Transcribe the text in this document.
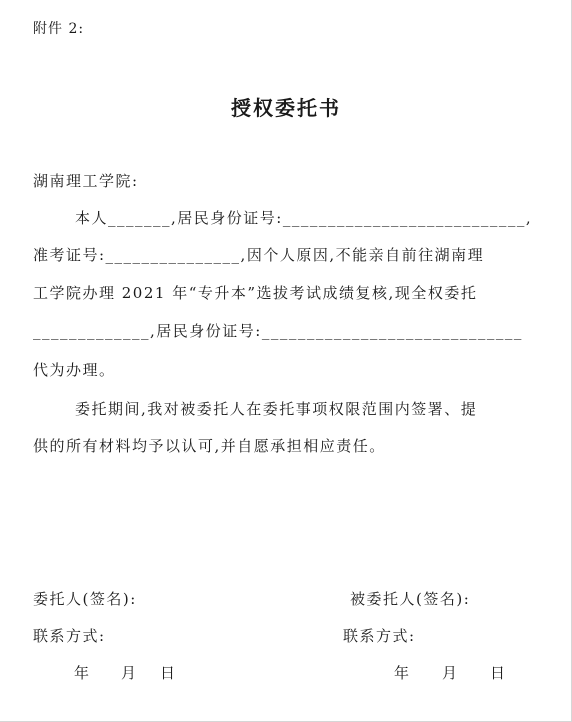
附件 2:
授权委托书
湖南理工学院:
本人_______,居民身份证号:___________________________,
准考证号:_______________,因个人原因,不能亲自前往湖南理
工学院办理 2021 年“专升本”选拔考试成绩复核,现全权委托
_____________,居民身份证号:_____________________________
代为办理。
委托期间,我对被委托人在委托事项权限范围内签署、提
供的所有材料均予以认可,并自愿承担相应责任。
委托人(签名):
联系方式:
被委托人(签名):
联系方式:
年 月 日	年 月 日
